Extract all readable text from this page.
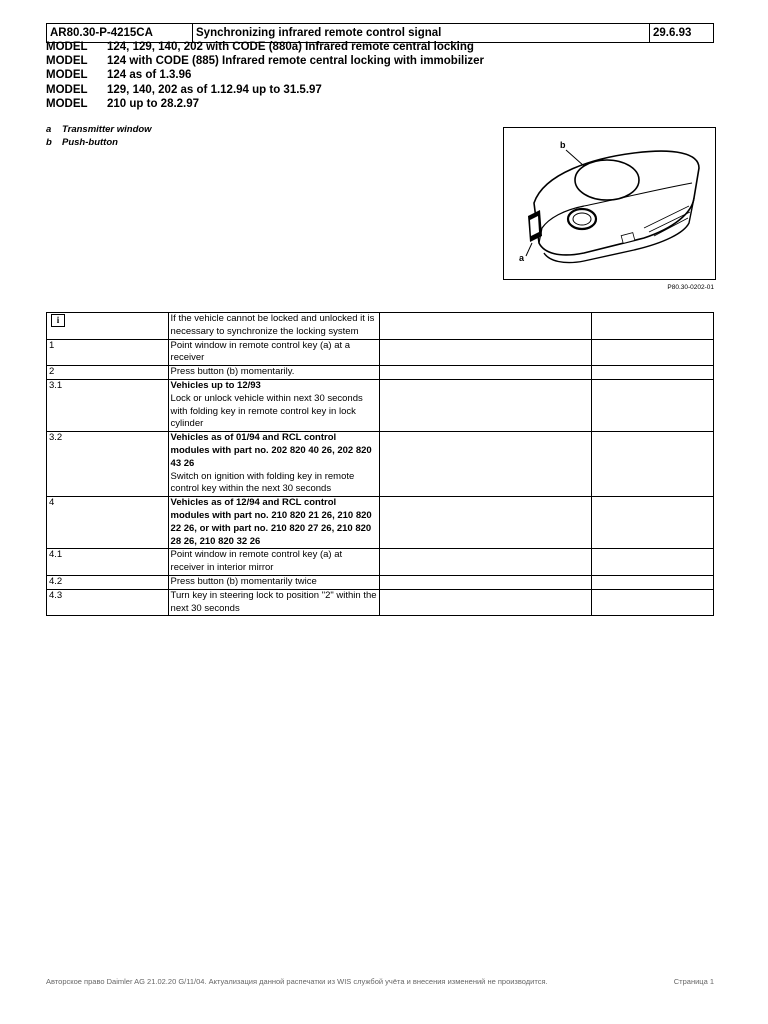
AR80.30-P-4215CA	Synchronizing infrared remote control signal	29.6.93
MODEL	124, 129, 140, 202 with CODE (880a) Infrared remote central locking
MODEL	124 with CODE (885) Infrared remote central locking with immobilizer
MODEL	124 as of 1.3.96
MODEL	129, 140, 202 as of 1.12.94 up to 31.5.97
MODEL	210 up to 28.2.97
a	Transmitter window
b	Push-button	b
a
P80.30-0202-01
i	If the vehicle cannot be locked and unlocked it is necessary to synchronize the locking system		
1	Point window in remote control key (a) at a receiver		
2	Press button (b) momentarily.		
3.1	Vehicles up to 12/93
Lock or unlock vehicle within next 30 seconds with folding key in remote control key in lock cylinder		

3.2	Vehicles as of 01/94 and RCL control modules with part no. 202 820 40 26, 202 820 43 26
Switch on ignition with folding key in remote control key within the next 30 seconds		

4	Vehicles as of 12/94 and RCL control modules with part no. 210 820 21 26, 210 820 22 26, or with part no. 210 820 27 26, 210 820 28 26, 210 820 32 26		

4.1	Point window in remote control key (a) at receiver in interior mirror		
4.2	Press button (b) momentarily twice		
4.3	Turn key in steering lock to position "2" within the next 30 seconds		
Авторское право Daimler AG 21.02.20 G/11/04. Актуализация данной распечатки из WIS службой учёта и внесения изменений не производится.	Страница 1
